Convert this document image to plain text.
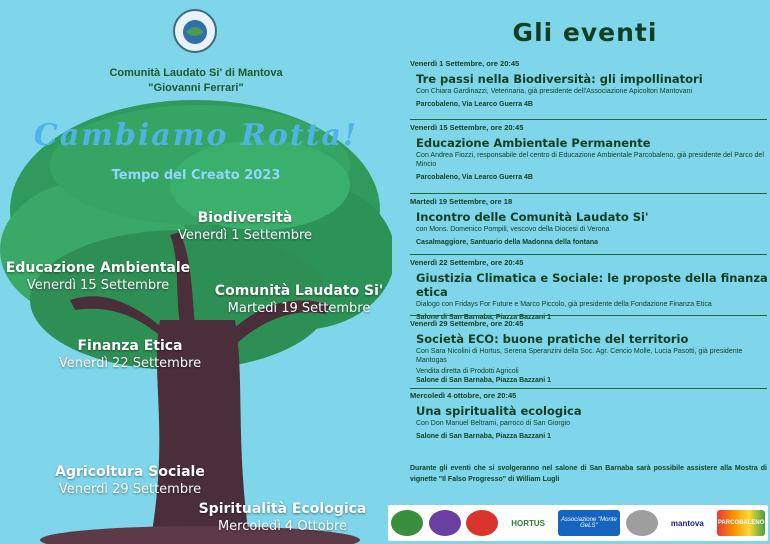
Comunità Laudato Si' di Mantova
"Giovanni Ferrari"
Cambiamo Rotta!
Tempo del Creato 2023
Biodiversità
Venerdì 1 Settembre
Educazione Ambientale
Venerdì 15 Settembre	Comunità Laudato Si'
Martedì 19 Settembre
Finanza Etica
Venerdì 22 Settembre
Agricoltura Sociale
Venerdì 29 Settembre
Spiritualità Ecologica
Mercoledì 4 Ottobre
Gli eventi
Venerdì 1 Settembre, ore 20:45
Tre passi nella Biodiversità: gli impollinatori
Con Chiara Gardinazzi, Veterinaria, già presidente dell'Associazione Apicoltori Mantovani
Parcobaleno, Via Learco Guerra 4B
Venerdì 15 Settembre, ore 20:45
Educazione Ambientale Permanente
Con Andrea Fiozzi, responsabile del centro di Educazione Ambientale Parcobaleno, già presidente del Parco del Mincio
Parcobaleno, Via Learco Guerra 4B
Martedì 19 Settembre, ore 18
Incontro delle Comunità Laudato Si'
con Mons. Domenico Pompili, vescovo della Diocesi di Verona
Casalmaggiore, Santuario della Madonna della fontana
Venerdì 22 Settembre, ore 20:45
Giustizia Climatica e Sociale: le proposte della finanza etica
Dialogo con Fridays For Future e Marco Piccolo, già presidente della Fondazione Finanza Etica
Salone di San Barnaba, Piazza Bazzani 1
Venerdì 29 Settembre, ore 20:45
Società ECO: buone pratiche del territorio
Con Sara Nicolini di Hortus, Serena Speranzini della Soc. Agr. Cencio Molle, Lucia Pasotti, già presidente Mantogas
Vendita diretta di Prodotti Agricoli
Salone di San Barnaba, Piazza Bazzani 1
Mercoledì 4 ottobre, ore 20:45
Una spiritualità ecologica
Con Don Manuel Beltrami, parroco di San Giorgio
Salone di San Barnaba, Piazza Bazzani 1
Durante gli eventi che si svolgeranno nel salone di San Barnaba sarà possibile assistere alla Mostra di vignette "Il Falso Progresso" di William Lugli
HORTUS	Associazione "Monte GeLS"	mantova	PARCOBALENO
